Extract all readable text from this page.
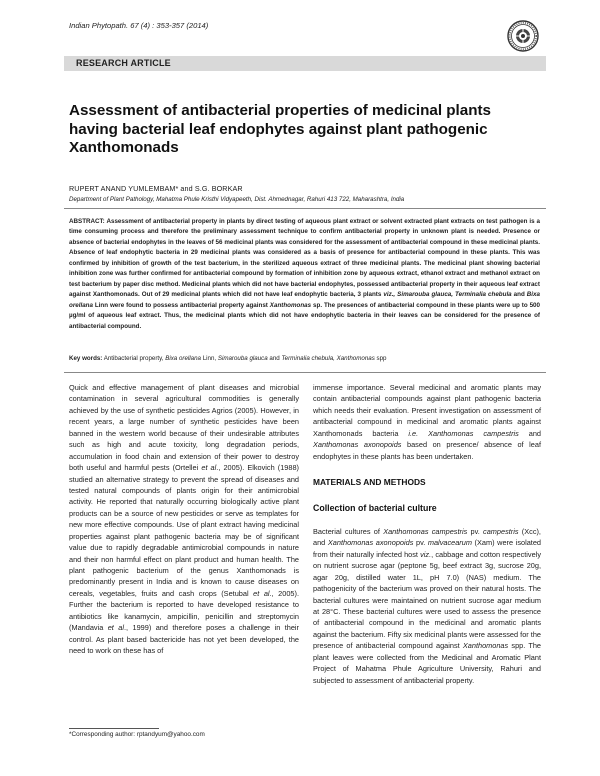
Indian Phytopath. 67 (4) : 353-357 (2014)
RESEARCH ARTICLE
Assessment of antibacterial properties of medicinal plants
having bacterial leaf endophytes against plant pathogenic
Xanthomonads
RUPERT ANAND YUMLEMBAM* and S.G. BORKAR
Department of Plant Pathology, Mahatma Phule Kristhi Vidyapeeth, Dist. Ahmednagar, Rahuri 413 722, Maharashtra, India
ABSTRACT: Assessment of antibacterial property in plants by direct testing of aqueous plant extract or solvent extracted plant extracts on test pathogen is a time consuming process and therefore the preliminary assessment technique to confirm antibacterial property in unknown plant is needed. Presence or absence of bacterial endophytes in the leaves of 56 medicinal plants was considered for the assessment of antibacterial compound in these medicinal plants. Absence of leaf endophytic bacteria in 29 medicinal plants was considered as a basis of presence for antibacterial compound in these plants. This was confirmed by inhibition of growth of the test bacterium, in the sterilized aqueous extract of three medicinal plants. The medicinal plant showing bacterial inhibition zone was further confirmed for antibacterial compound by formation of inhibition zone by aqueous extract, ethanol extract and methanol extract on test bacterium by paper disc method. Medicinal plants which did not have bacterial endophytes, possessed antibacterial property in their aqueous leaf extract against Xanthomonads. Out of 29 medicinal plants which did not have leaf endophytic bacteria, 3 plants viz., Simarouba glauca, Terminalia chebula and Bixa orellana Linn were found to possess antibacterial property against Xanthomonas sp. The presences of antibacterial compound in these plants were up to 500 µg/ml of aqueous leaf extract. Thus, the medicinal plants which did not have endophytic bacteria in their leaves can be considered for the presence of antibacterial compound.
Key words: Antibacterial property, Bixa orellana Linn, Simarouba glauca and Terminalia chebula, Xanthomonas spp

Quick and effective management of plant diseases and microbial contamination in several agricultural commodities is generally achieved by the use of synthetic pesticides Agrios (2005). However, in recent years, a large number of synthetic pesticides have been banned in the western world because of their undesirable attributes such as high and acute toxicity, long degradation periods, accumulation in food chain and extension of their power to destroy both useful and harmful pests (Ortellei et al., 2005). Elkovich (1988) studied an alternative strategy to prevent the spread of diseases and tested natural compounds of plants origin for their antimicrobial activity. He reported that naturally occurring biologically active plant products can be a source of new pesticides or serve as templates for new more effective compounds. Use of plant extract having medicinal properties against plant pathogenic bacteria may be of significant value due to rapidly degradable antimicrobial compounds in nature and their non harmful effect on plant product and human health. The plant pathogenic bacterium of the genus Xanthomonads is predominantly present in India and is known to cause diseases on cereals, vegetables, fruits and cash crops (Setubal et al., 2005). Further the bacterium is reported to have developed resistance to antibiotics like kanamycin, ampicillin, penicillin and streptomycin (Mandavia et al., 1999) and therefore poses a challenge in their control. As plant based bactericide has not yet been developed, the need to work on these has of

immense importance. Several medicinal and aromatic plants may contain antibacterial compounds against plant pathogenic bacteria which needs their evaluation. Present investigation on assessment of antibacterial compound in medicinal and aromatic plants against Xanthomonads bacteria i.e. Xanthomonas campestris and Xanthomonas axonopoids based on presence/ absence of leaf endophytes in these plants has been undertaken.

MATERIALS AND METHODS

Collection of bacterial culture

Bacterial cultures of Xanthomonas campestris pv. campestris (Xcc), and Xanthomonas axonopoids pv. malvacearum (Xam) were isolated from their naturally infected host viz., cabbage and cotton respectively on nutrient sucrose agar (peptone 5g, beef extract 3g, sucrose 20g, agar 20g, distilled water 1L, pH 7.0) (NAS) medium. The pathogenicity of the bacterium was proved on their natural hosts. The bacterial cultures were maintained on nutrient sucrose agar medium at 28°C. These bacterial cultures were used to assess the presence of antibacterial compound in the medicinal and aromatic plants against the bacterium. Fifty six medicinal plants were assessed for the presence of antibacterial compound against Xanthomonas spp. The plant leaves were collected from the Medicinal and Aromatic Plant Project of Mahatma Phule Agriculture University, Rahuri and subjected to assessment of antibacterial property.

*Corresponding author: rptandyum@yahoo.com
